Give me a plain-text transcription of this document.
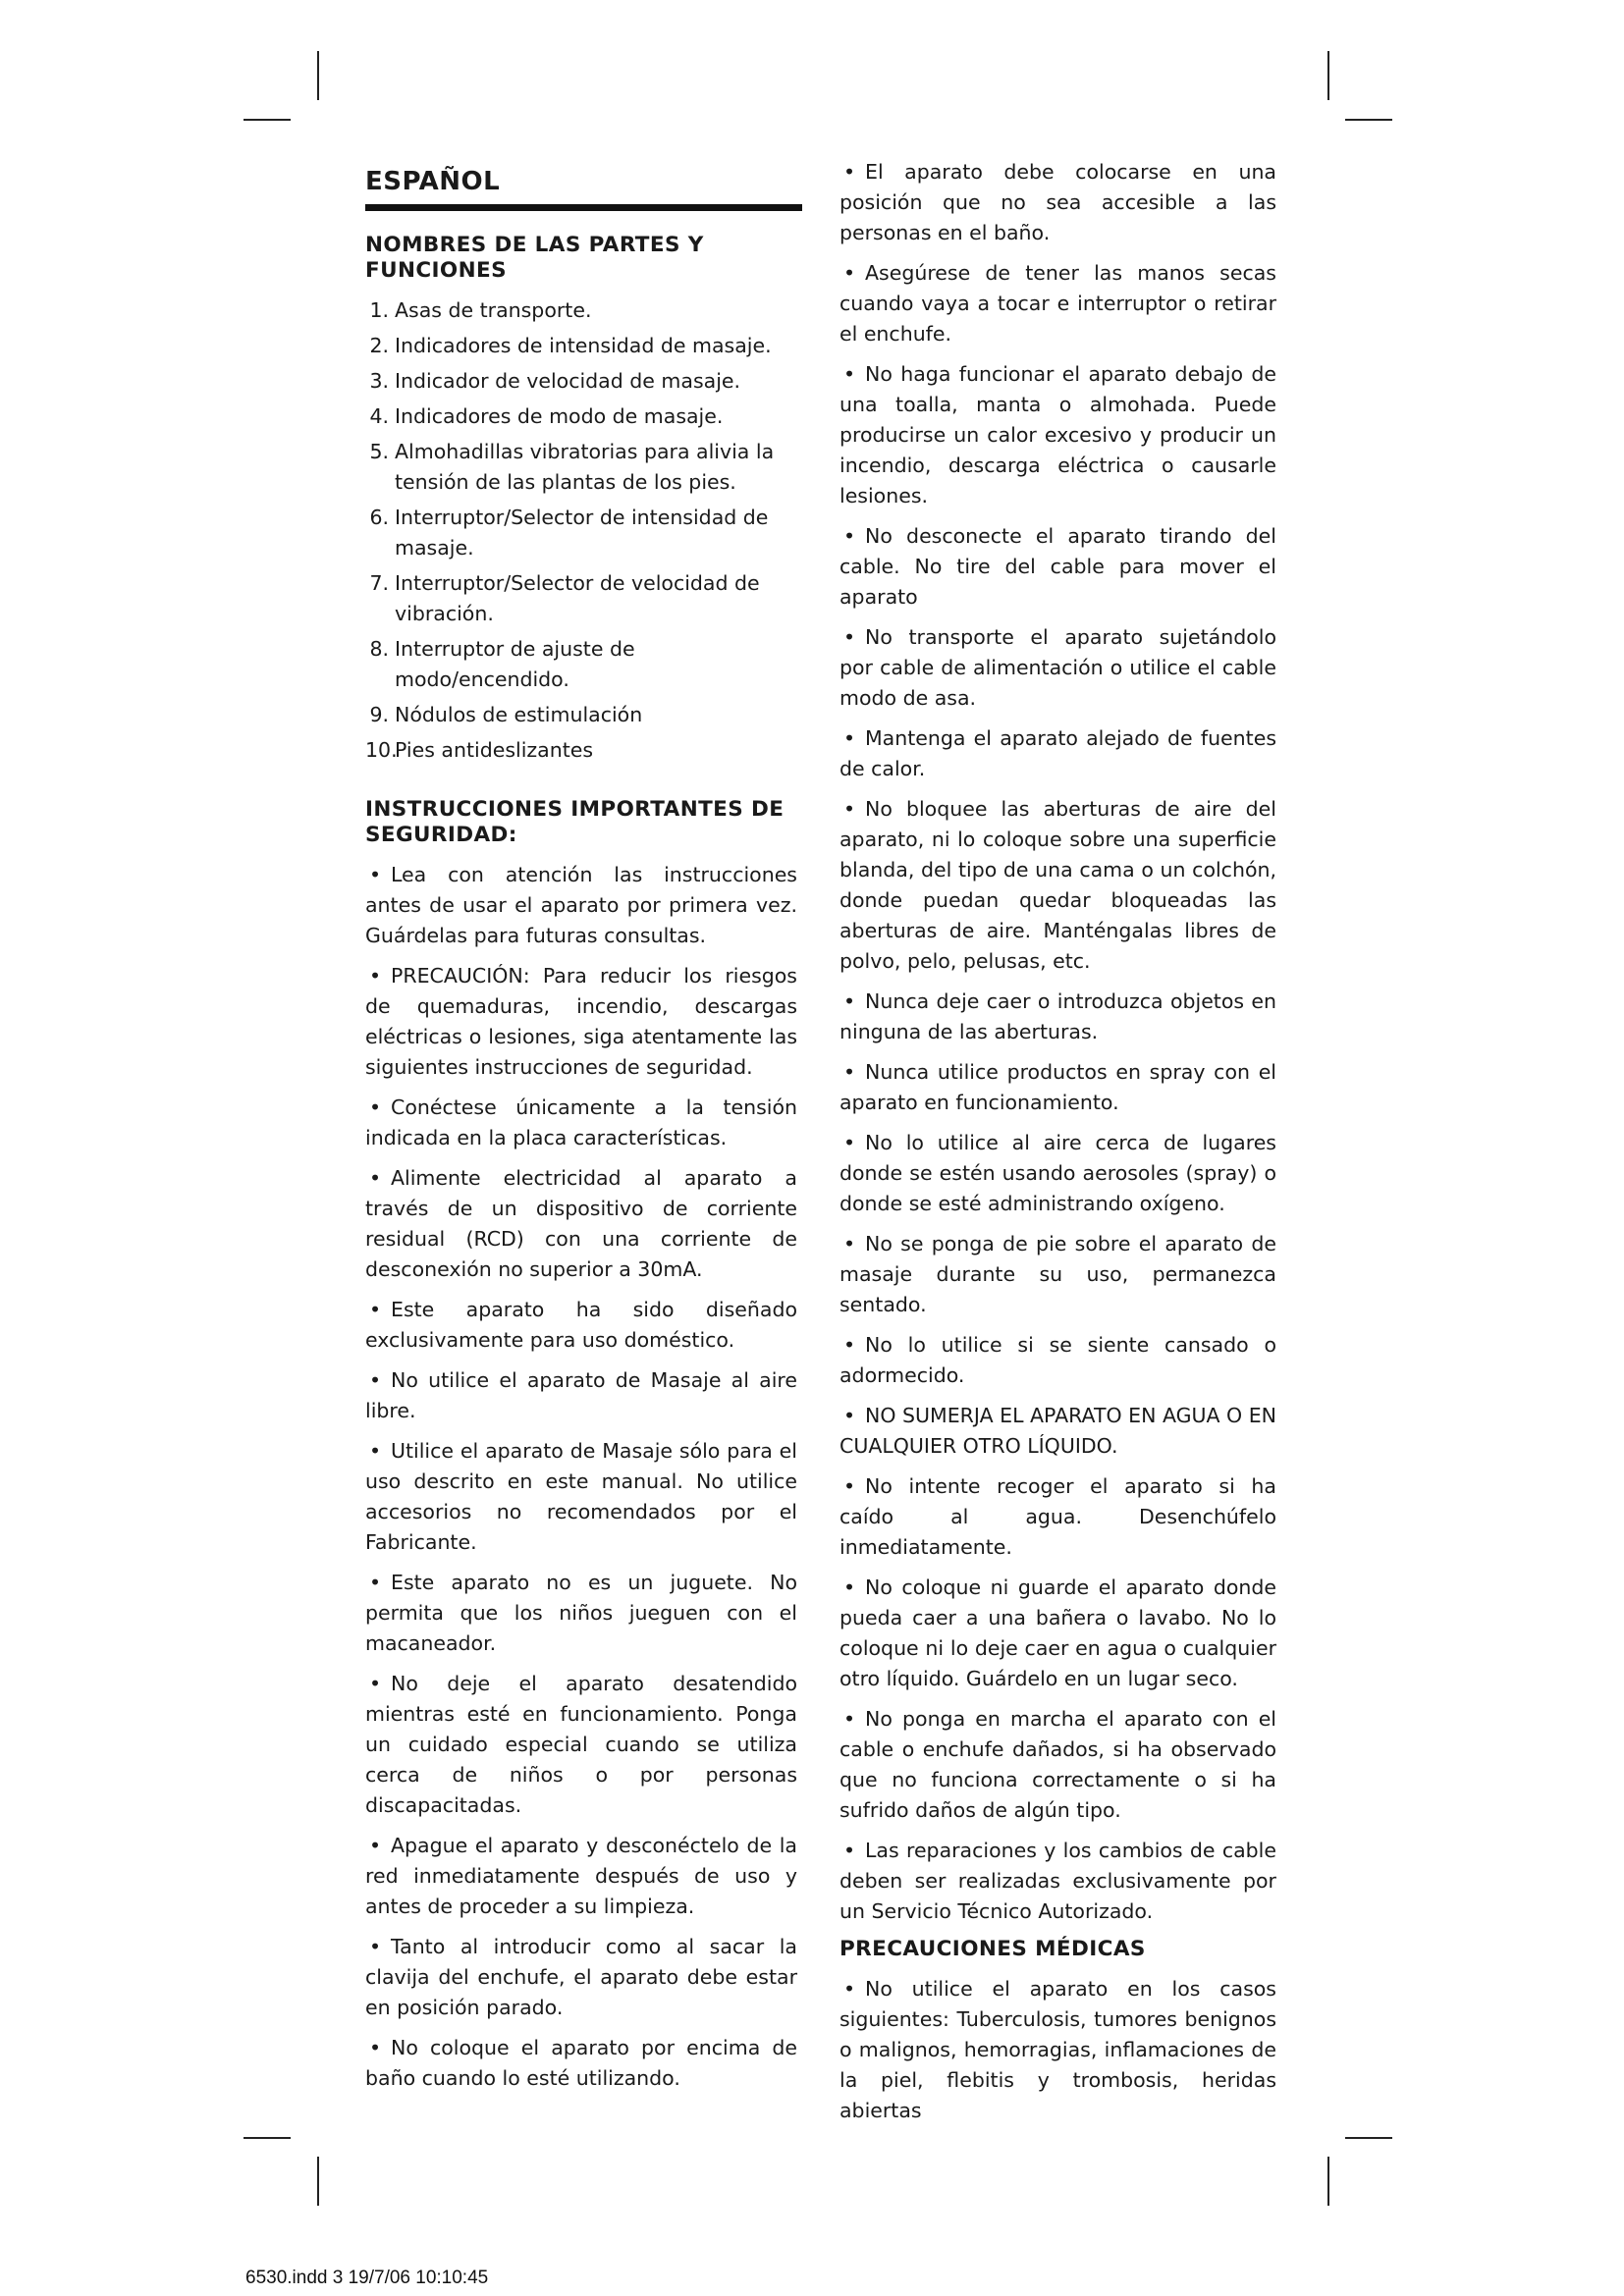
ESPAÑOL
NOMBRES DE LAS PARTES Y FUNCIONES
1. Asas de transporte.
2. Indicadores de intensidad de masaje.
3. Indicador de velocidad de masaje.
4. Indicadores de modo de masaje.
5. Almohadillas vibratorias para alivia la tensión de las plantas de los pies.
6. Interruptor/Selector de intensidad de masaje.
7. Interruptor/Selector de velocidad de vibración.
8. Interruptor de ajuste de modo/encendido.
9. Nódulos de estimulación
10.
Pies antideslizantes
INSTRUCCIONES IMPORTANTES DE SEGURIDAD:

• Lea con atención las instrucciones antes de usar el aparato por primera vez. Guárdelas para futuras consultas.

• PRECAUCIÓN: Para reducir los riesgos de quemaduras, incendio, descargas eléctricas o lesiones, siga atentamente las siguientes instrucciones de seguridad.

• Conéctese únicamente a la tensión indicada en la placa características.

• Alimente electricidad al aparato a través de un dispositivo de corriente residual (RCD) con una corriente de desconexión no superior a 30mA.

• Este aparato ha sido diseñado exclusivamente para uso doméstico.

• No utilice el aparato de Masaje al aire libre.

• Utilice el aparato de Masaje sólo para el uso descrito en este manual. No utilice accesorios no recomendados por el Fabricante.

• Este aparato no es un juguete. No permita que los niños jueguen con el macaneador.

• No deje el aparato desatendido mientras esté en funcionamiento. Ponga un cuidado especial cuando se utiliza cerca de niños o por personas discapacitadas.

• Apague el aparato y desconéctelo de la red inmediatamente después de uso y antes de proceder a su limpieza.

• Tanto al introducir como al sacar la clavija del enchufe, el aparato debe estar en posición parado.

• No coloque el aparato por encima de baño cuando lo esté utilizando.

• El aparato debe colocarse en una posición que no sea accesible a las personas en el baño.

• Asegúrese de tener las manos secas cuando vaya a tocar e interruptor o retirar el enchufe.

• No haga funcionar el aparato debajo de una toalla, manta o almohada. Puede producirse un calor excesivo y producir un incendio, descarga eléctrica o causarle lesiones.

• No desconecte el aparato tirando del cable. No tire del cable para mover el aparato

• No transporte el aparato sujetándolo por cable de alimentación o utilice el cable modo de asa.

• Mantenga el aparato alejado de fuentes de calor.

• No bloquee las aberturas de aire del aparato, ni lo coloque sobre una superficie blanda, del tipo de una cama o un colchón, donde puedan quedar bloqueadas las aberturas de aire. Manténgalas libres de polvo, pelo, pelusas, etc.

• Nunca deje caer o introduzca objetos en ninguna de las aberturas.

• Nunca utilice productos en spray con el aparato en funcionamiento.

• No lo utilice al aire cerca de lugares donde se estén usando aerosoles (spray) o donde se esté administrando oxígeno.

• No se ponga de pie sobre el aparato de masaje durante su uso, permanezca sentado.

• No lo utilice si se siente cansado o adormecido.

• NO SUMERJA EL APARATO EN AGUA O EN CUALQUIER OTRO LÍQUIDO.

• No intente recoger el aparato si ha caído al agua. Desenchúfelo inmediatamente.

• No coloque ni guarde el aparato donde pueda caer a una bañera o lavabo. No lo coloque ni lo deje caer en agua o cualquier otro líquido. Guárdelo en un lugar seco.

• No ponga en marcha el aparato con el cable o enchufe dañados, si ha observado que no funciona correctamente o si ha sufrido daños de algún tipo.

• Las reparaciones y los cambios de cable deben ser realizadas exclusivamente por un Servicio Técnico Autorizado.

PRECAUCIONES MÉDICAS

• No utilice el aparato en los casos siguientes: Tuberculosis, tumores benignos o malignos, hemorragias, inflamaciones de la piel, flebitis y trombosis, heridas abiertas

6530.indd 3 19/7/06 10:10:45
